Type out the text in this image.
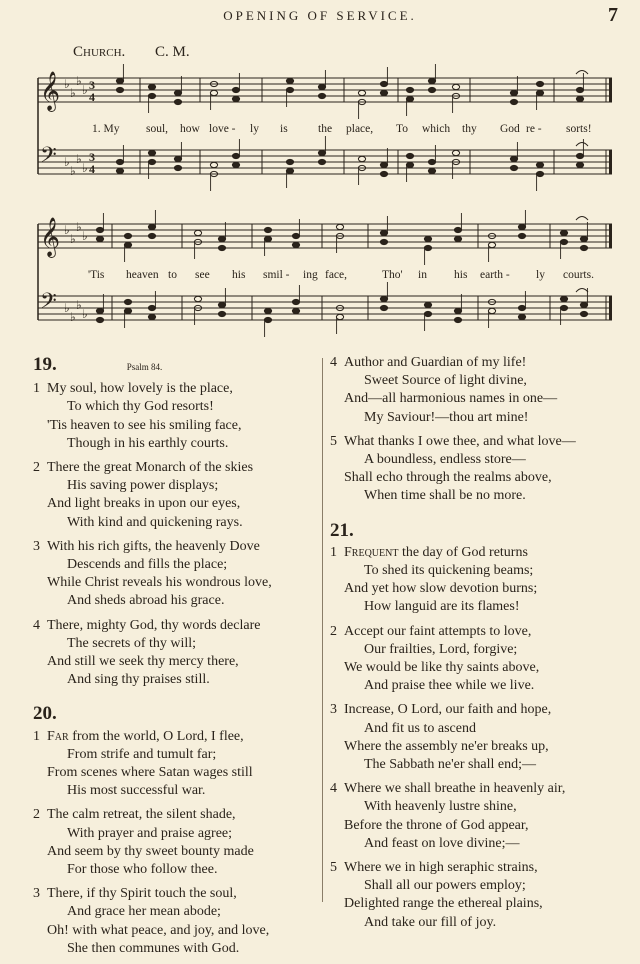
OPENING OF SERVICE.	7
Church. C. M.
𝄞 ♭
♭
♭
♭ 3
4
𝄢 ♭
♭
♭
♭
3
4
𝄞 ♭
♭
♭
♭
𝄢 ♭
♭
♭
♭
1. My soul, how love - ly is	the place, To which thy God re - sorts!
'Tis heaven to see his smil - ing face,	Tho' in his earth - ly courts.
19.	Psalm 84.
1 My soul, how lovely is the place,
To which thy God resorts!
'Tis heaven to see his smiling face,
Though in his earthly courts.
2 There the great Monarch of the skies
His saving power displays;
And light breaks in upon our eyes,
With kind and quickening rays.
3 With his rich gifts, the heavenly Dove
Descends and fills the place;
While Christ reveals his wondrous love,
And sheds abroad his grace.
4 There, mighty God, thy words declare
The secrets of thy will;
And still we seek thy mercy there,
And sing thy praises still.
20.
1 Far from the world, O Lord, I flee,
From strife and tumult far;
From scenes where Satan wages still
His most successful war.
2 The calm retreat, the silent shade,
With prayer and praise agree;
And seem by thy sweet bounty made
For those who follow thee.
3 There, if thy Spirit touch the soul,
And grace her mean abode;
Oh! with what peace, and joy, and love,
She then communes with God.
4 Author and Guardian of my life!
Sweet Source of light divine,
And—all harmonious names in one—
My Saviour!—thou art mine!
5 What thanks I owe thee, and what love—
A boundless, endless store—
Shall echo through the realms above,
When time shall be no more.
21.
1 Frequent the day of God returns
To shed its quickening beams;
And yet how slow devotion burns;
How languid are its flames!
2 Accept our faint attempts to love,
Our frailties, Lord, forgive;
We would be like thy saints above,
And praise thee while we live.
3 Increase, O Lord, our faith and hope,
And fit us to ascend
Where the assembly ne'er breaks up,
The Sabbath ne'er shall end;—
4 Where we shall breathe in heavenly air,
With heavenly lustre shine,
Before the throne of God appear,
And feast on love divine;—
5 Where we in high seraphic strains,
Shall all our powers employ;
Delighted range the ethereal plains,
And take our fill of joy.
